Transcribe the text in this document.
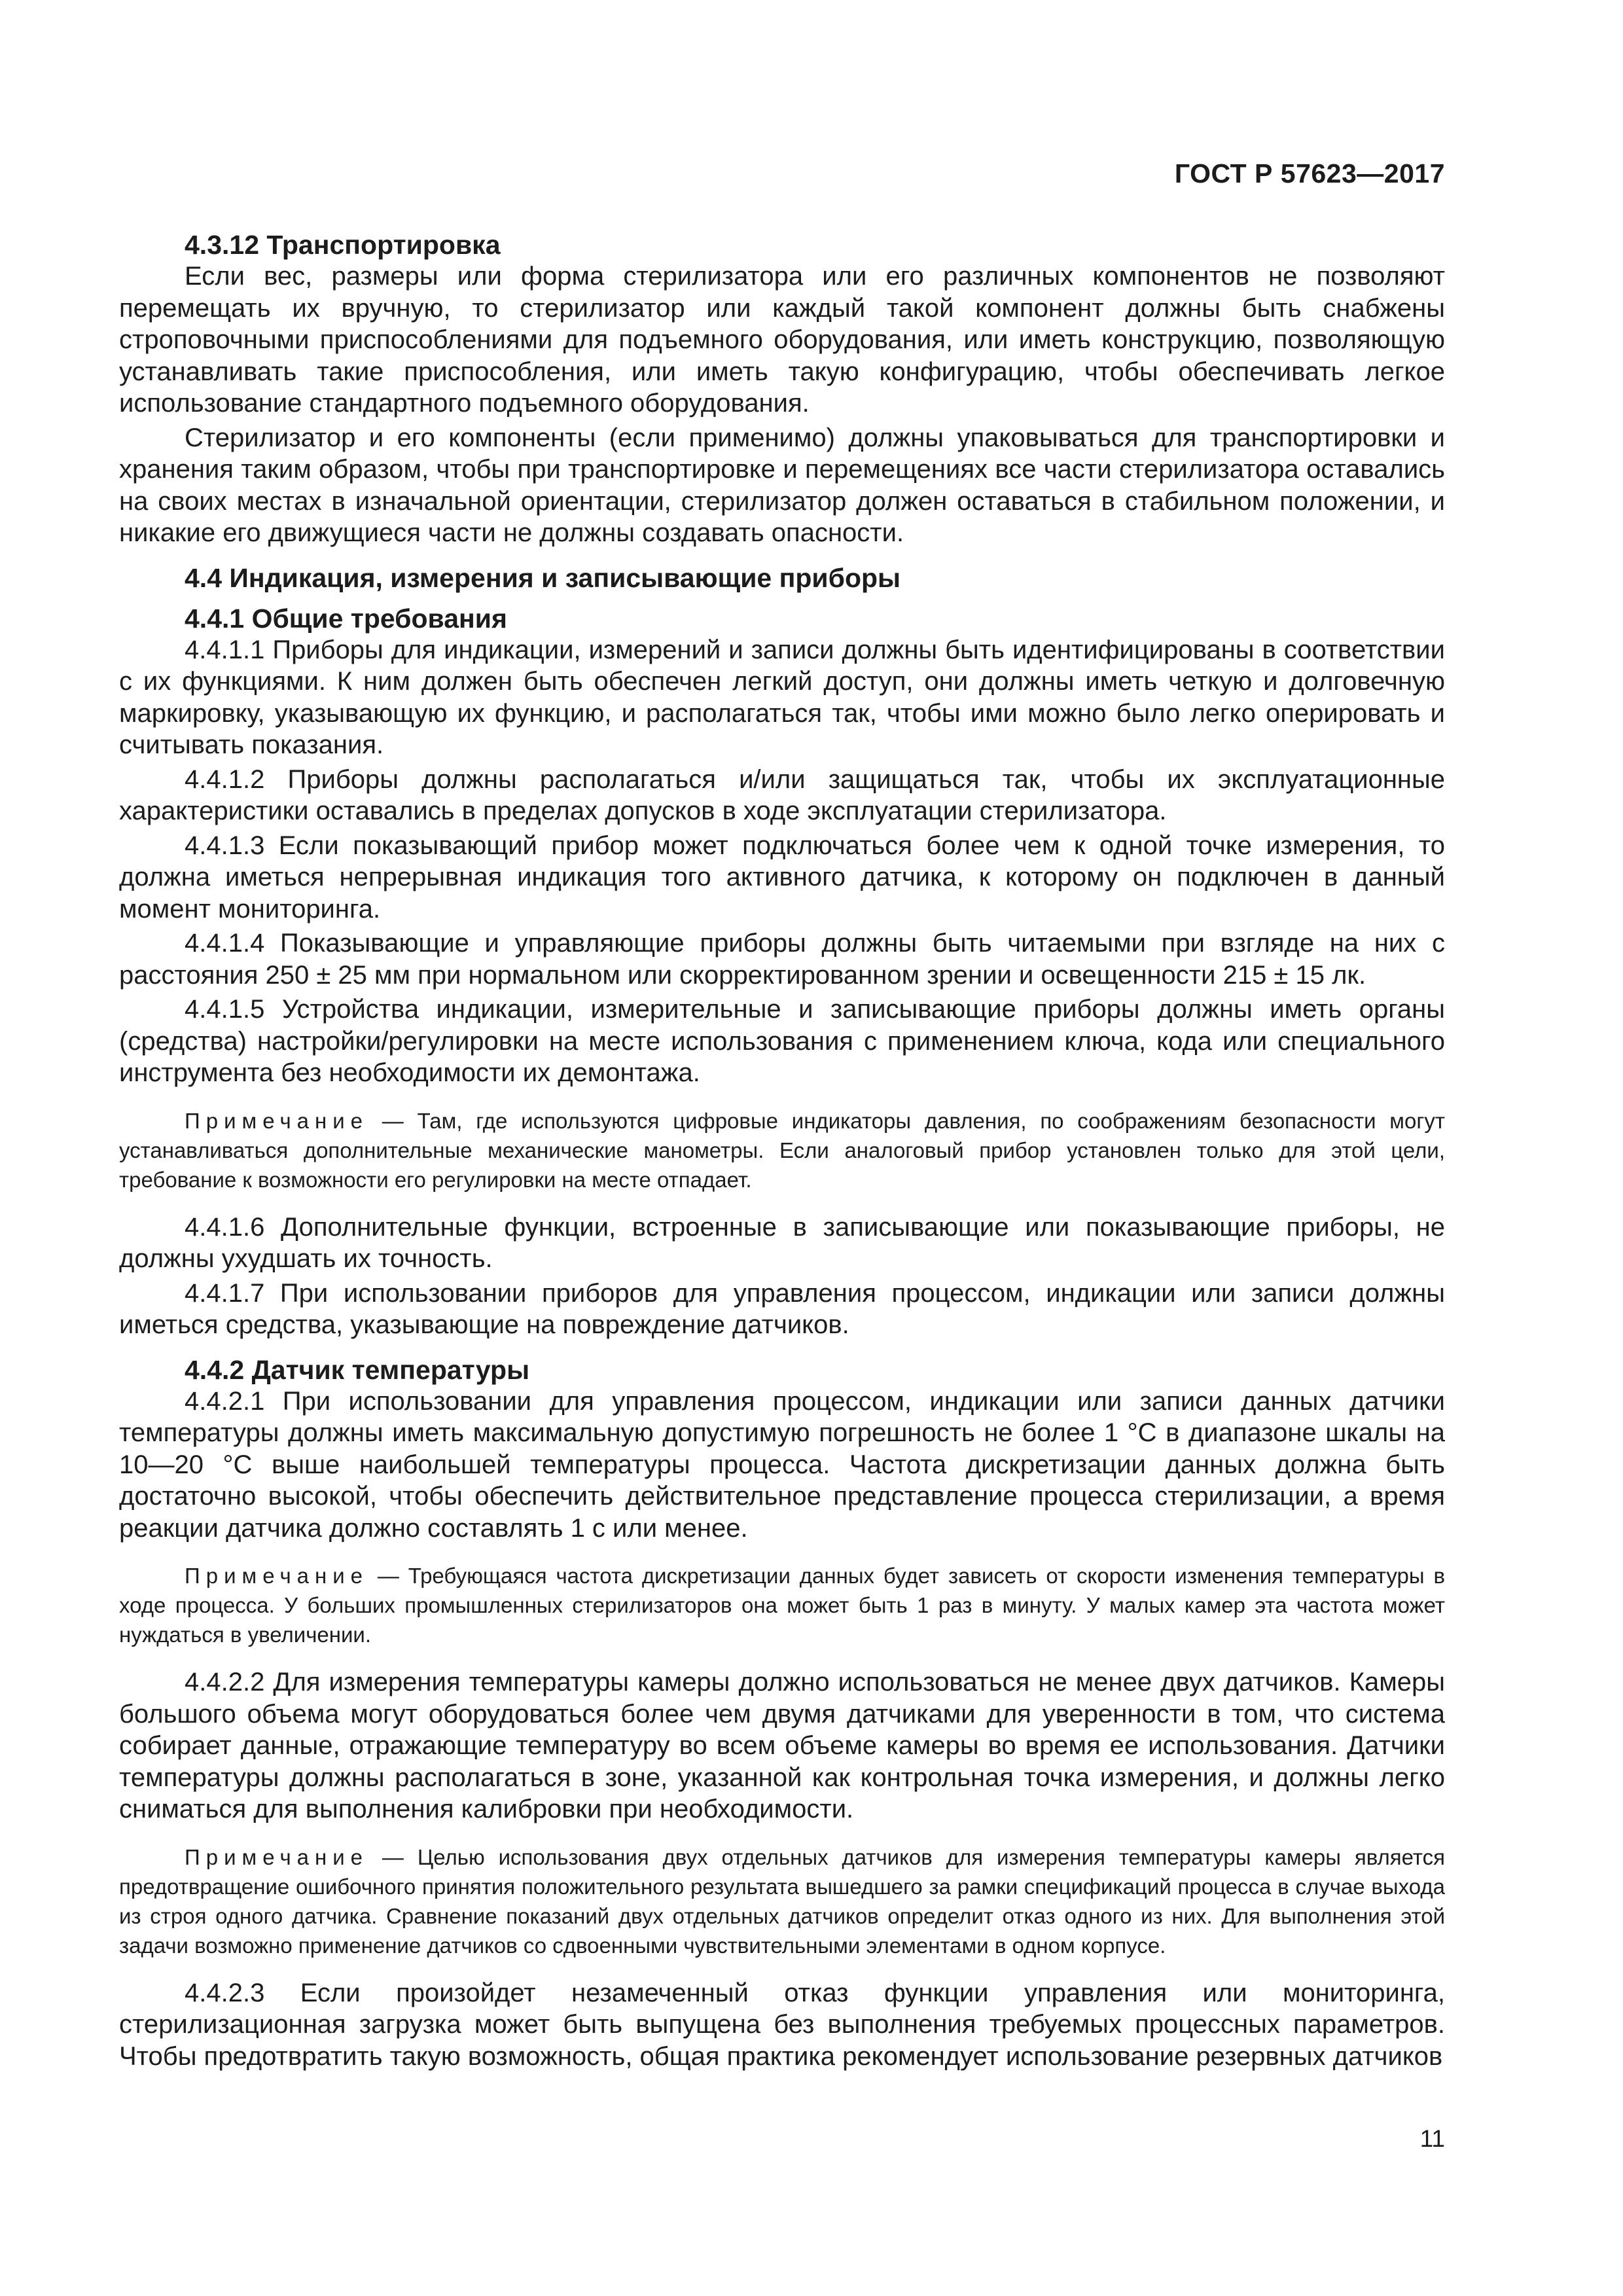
ГОСТ Р 57623—2017
4.3.12 Транспортировка
Если вес, размеры или форма стерилизатора или его различных компонентов не позволяют перемещать их вручную, то стерилизатор или каждый такой компонент должны быть снабжены строповочными приспособлениями для подъемного оборудования, или иметь конструкцию, позволяющую устанавливать такие приспособления, или иметь такую конфигурацию, чтобы обеспечивать легкое использование стандартного подъемного оборудования.
Стерилизатор и его компоненты (если применимо) должны упаковываться для транспортировки и хранения таким образом, чтобы при транспортировке и перемещениях все части стерилизатора оставались на своих местах в изначальной ориентации, стерилизатор должен оставаться в стабильном положении, и никакие его движущиеся части не должны создавать опасности.
4.4 Индикация, измерения и записывающие приборы
4.4.1 Общие требования
4.4.1.1 Приборы для индикации, измерений и записи должны быть идентифицированы в соответствии с их функциями. К ним должен быть обеспечен легкий доступ, они должны иметь четкую и долговечную маркировку, указывающую их функцию, и располагаться так, чтобы ими можно было легко оперировать и считывать показания.
4.4.1.2 Приборы должны располагаться и/или защищаться так, чтобы их эксплуатационные характеристики оставались в пределах допусков в ходе эксплуатации стерилизатора.
4.4.1.3 Если показывающий прибор может подключаться более чем к одной точке измерения, то должна иметься непрерывная индикация того активного датчика, к которому он подключен в данный момент мониторинга.
4.4.1.4 Показывающие и управляющие приборы должны быть читаемыми при взгляде на них с расстояния 250 ± 25 мм при нормальном или скорректированном зрении и освещенности 215 ± 15 лк.
4.4.1.5 Устройства индикации, измерительные и записывающие приборы должны иметь органы (средства) настройки/регулировки на месте использования с применением ключа, кода или специального инструмента без необходимости их демонтажа.
Примечание — Там, где используются цифровые индикаторы давления, по соображениям безопасности могут устанавливаться дополнительные механические манометры. Если аналоговый прибор установлен только для этой цели, требование к возможности его регулировки на месте отпадает.
4.4.1.6 Дополнительные функции, встроенные в записывающие или показывающие приборы, не должны ухудшать их точность.
4.4.1.7 При использовании приборов для управления процессом, индикации или записи должны иметься средства, указывающие на повреждение датчиков.
4.4.2 Датчик температуры
4.4.2.1 При использовании для управления процессом, индикации или записи данных датчики температуры должны иметь максимальную допустимую погрешность не более 1 °С в диапазоне шкалы на 10—20 °С выше наибольшей температуры процесса. Частота дискретизации данных должна быть достаточно высокой, чтобы обеспечить действительное представление процесса стерилизации, а время реакции датчика должно составлять 1 с или менее.
Примечание — Требующаяся частота дискретизации данных будет зависеть от скорости изменения температуры в ходе процесса. У больших промышленных стерилизаторов она может быть 1 раз в минуту. У малых камер эта частота может нуждаться в увеличении.
4.4.2.2 Для измерения температуры камеры должно использоваться не менее двух датчиков. Камеры большого объема могут оборудоваться более чем двумя датчиками для уверенности в том, что система собирает данные, отражающие температуру во всем объеме камеры во время ее использования. Датчики температуры должны располагаться в зоне, указанной как контрольная точка измерения, и должны легко сниматься для выполнения калибровки при необходимости.
Примечание — Целью использования двух отдельных датчиков для измерения температуры камеры является предотвращение ошибочного принятия положительного результата вышедшего за рамки спецификаций процесса в случае выхода из строя одного датчика. Сравнение показаний двух отдельных датчиков определит отказ одного из них. Для выполнения этой задачи возможно применение датчиков со сдвоенными чувствительными элементами в одном корпусе.
4.4.2.3 Если произойдет незамеченный отказ функции управления или мониторинга, стерилизационная загрузка может быть выпущена без выполнения требуемых процессных параметров. Чтобы предотвратить такую возможность, общая практика рекомендует использование резервных датчиков
11
